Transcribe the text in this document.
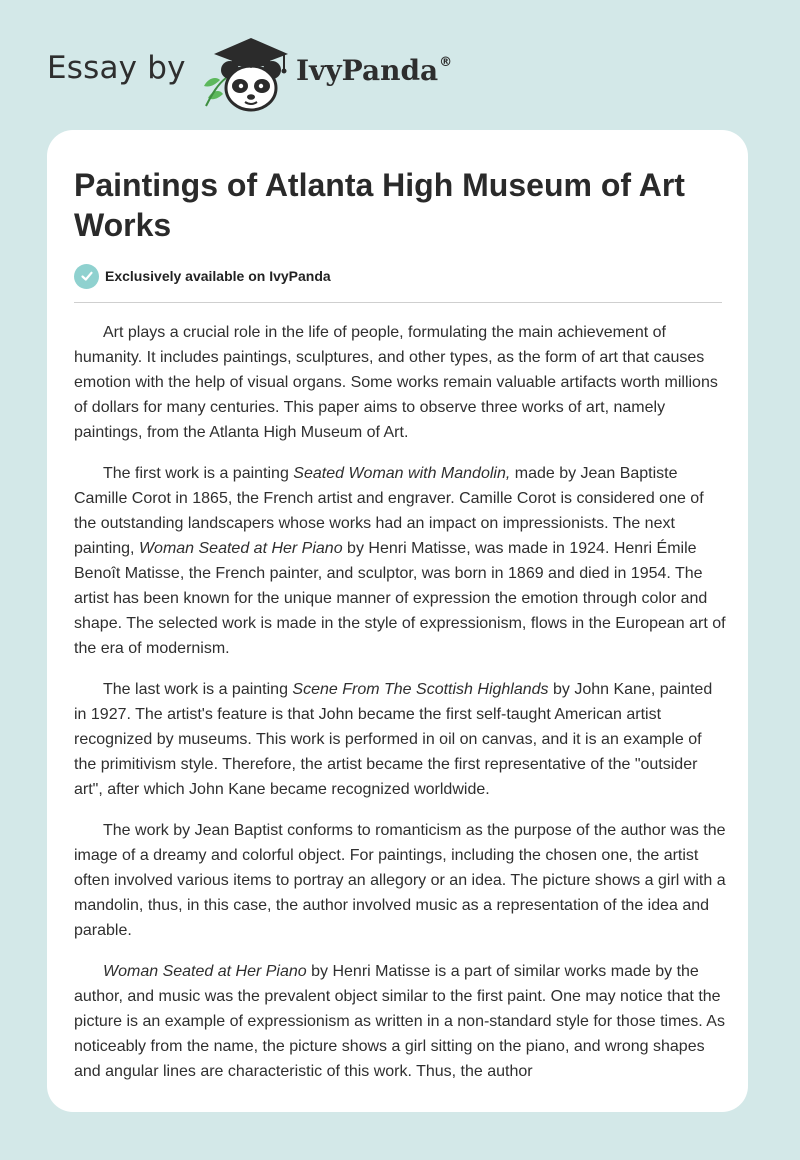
Essay by	IvyPanda®
Paintings of Atlanta High Museum of Art Works
Exclusively available on IvyPanda

Art plays a crucial role in the life of people, formulating the main achievement of humanity. It includes paintings, sculptures, and other types, as the form of art that causes emotion with the help of visual organs. Some works remain valuable artifacts worth millions of dollars for many centuries. This paper aims to observe three works of art, namely paintings, from the Atlanta High Museum of Art.

The first work is a painting Seated Woman with Mandolin, made by Jean Baptiste Camille Corot in 1865, the French artist and engraver. Camille Corot is considered one of the outstanding landscapers whose works had an impact on impressionists. The next painting, Woman Seated at Her Piano by Henri Matisse, was made in 1924. Henri Émile Benoît Matisse, the French painter, and sculptor, was born in 1869 and died in 1954. The artist has been known for the unique manner of expression the emotion through color and shape. The selected work is made in the style of expressionism, flows in the European art of the era of modernism.

The last work is a painting Scene From The Scottish Highlands by John Kane, painted in 1927. The artist's feature is that John became the first self-taught American artist recognized by museums. This work is performed in oil on canvas, and it is an example of the primitivism style. Therefore, the artist became the first representative of the "outsider art", after which John Kane became recognized worldwide.

The work by Jean Baptist conforms to romanticism as the purpose of the author was the image of a dreamy and colorful object. For paintings, including the chosen one, the artist often involved various items to portray an allegory or an idea. The picture shows a girl with a mandolin, thus, in this case, the author involved music as a representation of the idea and parable.

Woman Seated at Her Piano by Henri Matisse is a part of similar works made by the author, and music was the prevalent object similar to the first paint. One may notice that the picture is an example of expressionism as written in a non-standard style for those times. As noticeably from the name, the picture shows a girl sitting on the piano, and wrong shapes and angular lines are characteristic of this work. Thus, the author
